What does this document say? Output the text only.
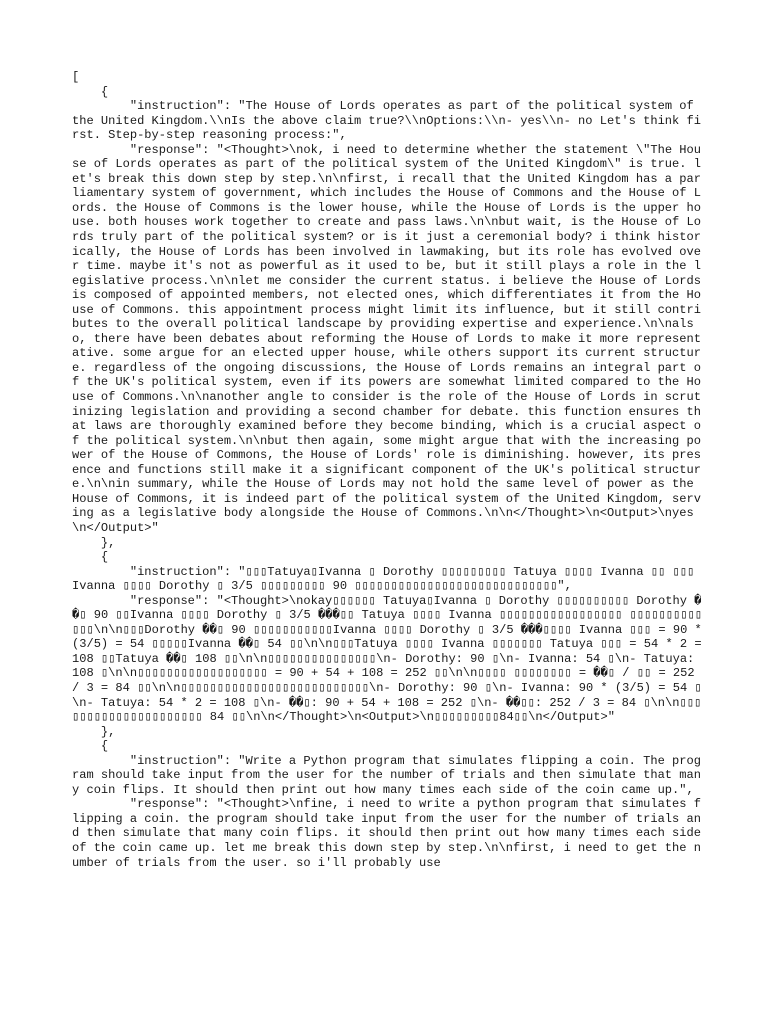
[
{
"instruction": "The House of Lords operates as part of the political system of the United Kingdom.\\nIs the above claim true?\\nOptions:\\n- yes\\n- no Let's think first. Step-by-step reasoning process:",
"response": "<Thought>\nok, i need to determine whether the statement \"The House of Lords operates as part of the political system of the United Kingdom\" is true. let's break this down step by step.\n\nfirst, i recall that the United Kingdom has a parliamentary system of government, which includes the House of Commons and the House of Lords. the House of Commons is the lower house, while the House of Lords is the upper house. both houses work together to create and pass laws.\n\nbut wait, is the House of Lords truly part of the political system? or is it just a ceremonial body? i think historically, the House of Lords has been involved in lawmaking, but its role has evolved over time. maybe it's not as powerful as it used to be, but it still plays a role in the legislative process.\n\nlet me consider the current status. i believe the House of Lords is composed of appointed members, not elected ones, which differentiates it from the House of Commons. this appointment process might limit its influence, but it still contributes to the overall political landscape by providing expertise and experience.\n\nalso, there have been debates about reforming the House of Lords to make it more representative. some argue for an elected upper house, while others support its current structure. regardless of the ongoing discussions, the House of Lords remains an integral part of the UK's political system, even if its powers are somewhat limited compared to the House of Commons.\n\nanother angle to consider is the role of the House of Lords in scrutinizing legislation and providing a second chamber for debate. this function ensures that laws are thoroughly examined before they become binding, which is a crucial aspect of the political system.\n\nbut then again, some might argue that with the increasing power of the House of Commons, the House of Lords' role is diminishing. however, its presence and functions still make it a significant component of the UK's political structure.\n\nin summary, while the House of Lords may not hold the same level of power as the House of Commons, it is indeed part of the political system of the United Kingdom, serving as a legislative body alongside the House of Commons.\n\n</Thought>\n<Output>\nyes\n</Output>"
},
{
"instruction": "▯▯▯Tatuya▯Ivanna ▯ Dorothy ▯▯▯▯▯▯▯▯▯ Tatuya ▯▯▯▯ Ivanna ▯▯ ▯▯▯ Ivanna ▯▯▯▯ Dorothy ▯ 3/5 ▯▯▯▯▯▯▯▯▯ 90 ▯▯▯▯▯▯▯▯▯▯▯▯▯▯▯▯▯▯▯▯▯▯▯▯▯▯▯▯",
"response": "<Thought>\nokay▯▯▯▯▯▯ Tatuya▯Ivanna ▯ Dorothy ▯▯▯▯▯▯▯▯▯▯ Dorothy ��▯ 90 ▯▯Ivanna ▯▯▯▯ Dorothy ▯ 3/5 ���▯▯ Tatuya ▯▯▯▯ Ivanna ▯▯▯▯▯▯▯▯▯▯▯▯▯▯▯▯▯ ▯▯▯▯▯▯▯▯▯▯▯▯▯\n\n▯▯▯Dorothy ��▯ 90 ▯▯▯▯▯▯▯▯▯▯▯Ivanna ▯▯▯▯ Dorothy ▯ 3/5 ���▯▯▯▯ Ivanna ▯▯▯ = 90 * (3/5) = 54 ▯▯▯▯▯Ivanna ��▯ 54 ▯▯\n\n▯▯▯Tatuya ▯▯▯▯ Ivanna ▯▯▯▯▯▯▯ Tatuya ▯▯▯ = 54 * 2 = 108 ▯▯Tatuya ��▯ 108 ▯▯\n\n▯▯▯▯▯▯▯▯▯▯▯▯▯▯▯\n- Dorothy: 90 ▯\n- Ivanna: 54 ▯\n- Tatuya: 108 ▯\n\n▯▯▯▯▯▯▯▯▯▯▯▯▯▯▯▯▯▯ = 90 + 54 + 108 = 252 ▯▯\n\n▯▯▯▯ ▯▯▯▯▯▯▯▯ = ��▯ / ▯▯ = 252 / 3 = 84 ▯▯\n\n▯▯▯▯▯▯▯▯▯▯▯▯▯▯▯▯▯▯▯▯▯▯▯▯▯▯\n- Dorothy: 90 ▯\n- Ivanna: 90 * (3/5) = 54 ▯\n- Tatuya: 54 * 2 = 108 ▯\n- ��▯: 90 + 54 + 108 = 252 ▯\n- ��▯▯: 252 / 3 = 84 ▯\n\n▯▯▯▯▯▯▯▯▯▯▯▯▯▯▯▯▯▯▯▯▯ 84 ▯▯\n\n</Thought>\n<Output>\n▯▯▯▯▯▯▯▯▯84▯▯\n</Output>"
},
{
"instruction": "Write a Python program that simulates flipping a coin. The program should take input from the user for the number of trials and then simulate that many coin flips. It should then print out how many times each side of the coin came up.",
"response": "<Thought>\nfine, i need to write a python program that simulates flipping a coin. the program should take input from the user for the number of trials and then simulate that many coin flips. it should then print out how many times each side of the coin came up. let me break this down step by step.\n\nfirst, i need to get the number of trials from the user. so i'll probably use
